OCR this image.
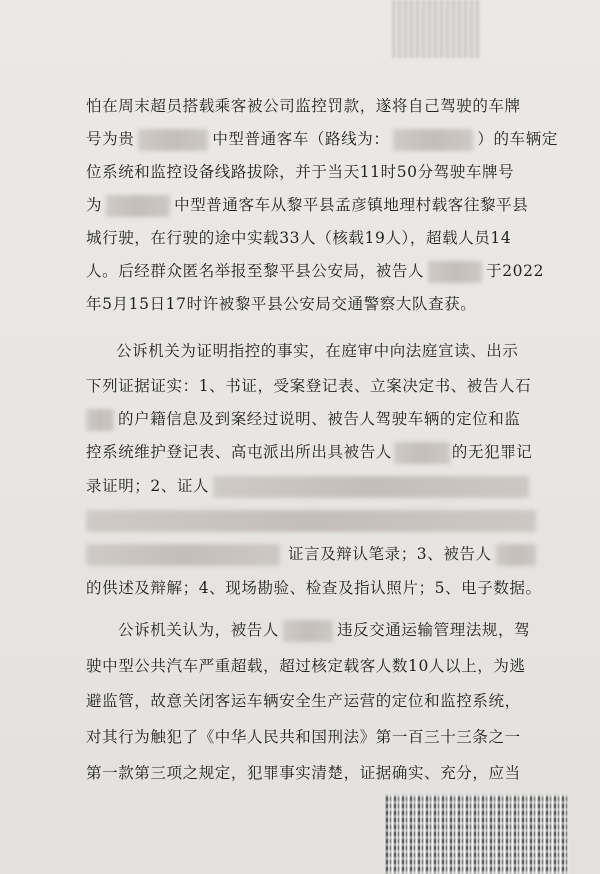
怕在周末超员搭载乘客被公司监控罚款，遂将自己驾驶的车牌
号为贵	中型普通客车（路线为：	）的车辆定
位系统和监控设备线路拔除，并于当天11时50分驾驶车牌号
为	中型普通客车从黎平县孟彦镇地理村载客往黎平县
城行驶，在行驶的途中实载33人（核载19人），超载人员14
人。后经群众匿名举报至黎平县公安局，被告人	于2022
年5月15日17时许被黎平县公安局交通警察大队查获。
公诉机关为证明指控的事实，在庭审中向法庭宣读、出示
下列证据证实：1、书证，受案登记表、立案决定书、被告人石
的户籍信息及到案经过说明、被告人驾驶车辆的定位和监
控系统维护登记表、高屯派出所出具被告人	的无犯罪记
录证明；2、证人
证言及辩认笔录；3、被告人
的供述及辩解；4、现场勘验、检查及指认照片；5、电子数据。
公诉机关认为，被告人	违反交通运输管理法规，驾
驶中型公共汽车严重超载，超过核定载客人数10人以上，为逃
避监管，故意关闭客运车辆安全生产运营的定位和监控系统，
对其行为触犯了《中华人民共和国刑法》第一百三十三条之一
第一款第三项之规定，犯罪事实清楚，证据确实、充分，应当
